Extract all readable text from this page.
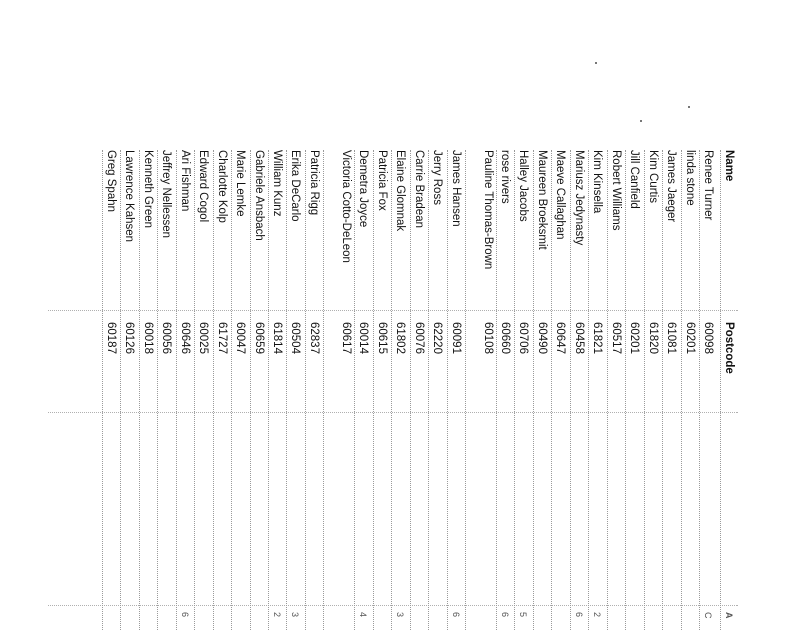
Name
Postcode
A
Renee Turner
60098
C
linda stone
60201
James Jaeger
61081
Kim Curtis
61820
Jill Canfield
60201
Robert Williams
60517
Kim Kinsella
61821
2
Mariusz Jedynasty
60458
6
Maeve Callaghan
60647
Maureen Broeksmit
60490
Halley Jacobs
60706
5
rose rivers
60660
6
Pauline Thomas-Brown
60108
James Hansen
60091
6
Jerry Ross
62220
Carrie Bradean
60076
Elaine Glomnak
61802
3
Patricia Fox
60615
Demetra Joyce
60014
4
Victoria Cotto-DeLeon
60617
Patricia Rigg
62837
Erika DeCarlo
60504
3
William Kunz
61814
2
Gabriele Ansbach
60659
Marie Lemke
60047
Charlotte Kolp
61727
Edward Cogol
60025
Ari Fishman
60646
6
Jeffrey Nellessen
60056
Kenneth Green
60018
Lawrence Kahsen
60126
Greg Spahn
60187
